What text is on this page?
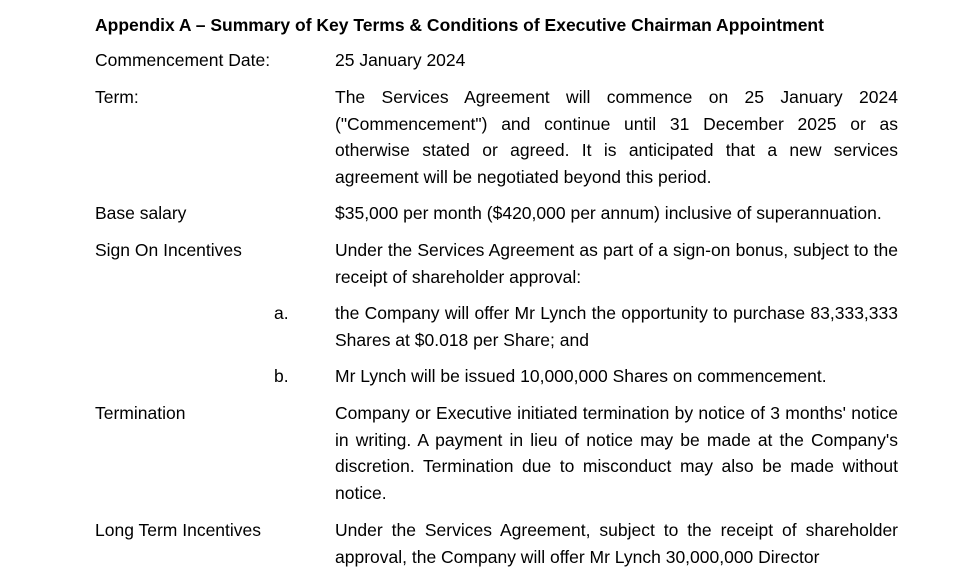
Appendix A – Summary of Key Terms & Conditions of Executive Chairman Appointment
Commencement Date:	25 January 2024
Term:	The Services Agreement will commence on 25 January 2024 ("Commencement") and continue until 31 December 2025 or as otherwise stated or agreed. It is anticipated that a new services agreement will be negotiated beyond this period.
Base salary	$35,000 per month ($420,000 per annum) inclusive of superannuation.
Sign On Incentives	Under the Services Agreement as part of a sign-on bonus, subject to the receipt of shareholder approval:
a.	the Company will offer Mr Lynch the opportunity to purchase 83,333,333 Shares at $0.018 per Share; and
b.	Mr Lynch will be issued 10,000,000 Shares on commencement.
Termination	Company or Executive initiated termination by notice of 3 months' notice in writing. A payment in lieu of notice may be made at the Company's discretion. Termination due to misconduct may also be made without notice.
Long Term Incentives	Under the Services Agreement, subject to the receipt of shareholder approval, the Company will offer Mr Lynch 30,000,000 Director
